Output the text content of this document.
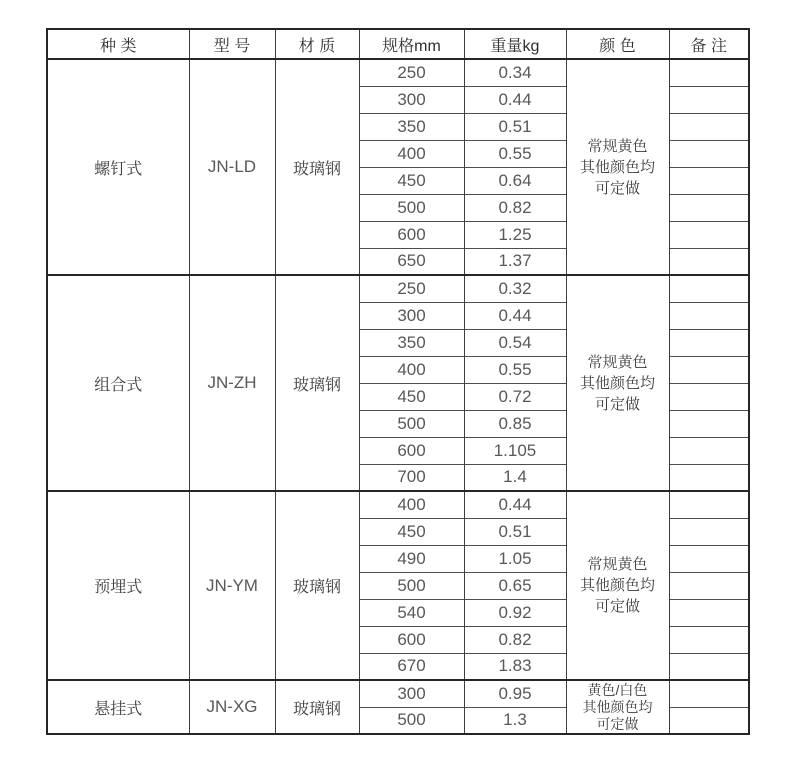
种 类	型 号	材 质	规格mm	重量kg	颜 色	备 注
螺钉式	JN-LD	玻璃钢	250	0.34	常规黄色
其他颜色均
可定做	

			300	0.44		
			350	0.51		
			400	0.55		
			450	0.64		
			500	0.82		
			600	1.25		
			650	1.37		
组合式	JN-ZH	玻璃钢	250	0.32	常规黄色
其他颜色均
可定做	

			300	0.44		
			350	0.54		
			400	0.55		
			450	0.72		
			500	0.85		
			600	1.105		
			700	1.4		
预埋式	JN-YM	玻璃钢	400	0.44	常规黄色
其他颜色均
可定做	

			450	0.51		
			490	1.05		
			500	0.65		
			540	0.92		
			600	0.82		
			670	1.83		
悬挂式	JN-XG	玻璃钢	300	0.95	黄色/白色
其他颜色均
可定做	

			500	1.3		
